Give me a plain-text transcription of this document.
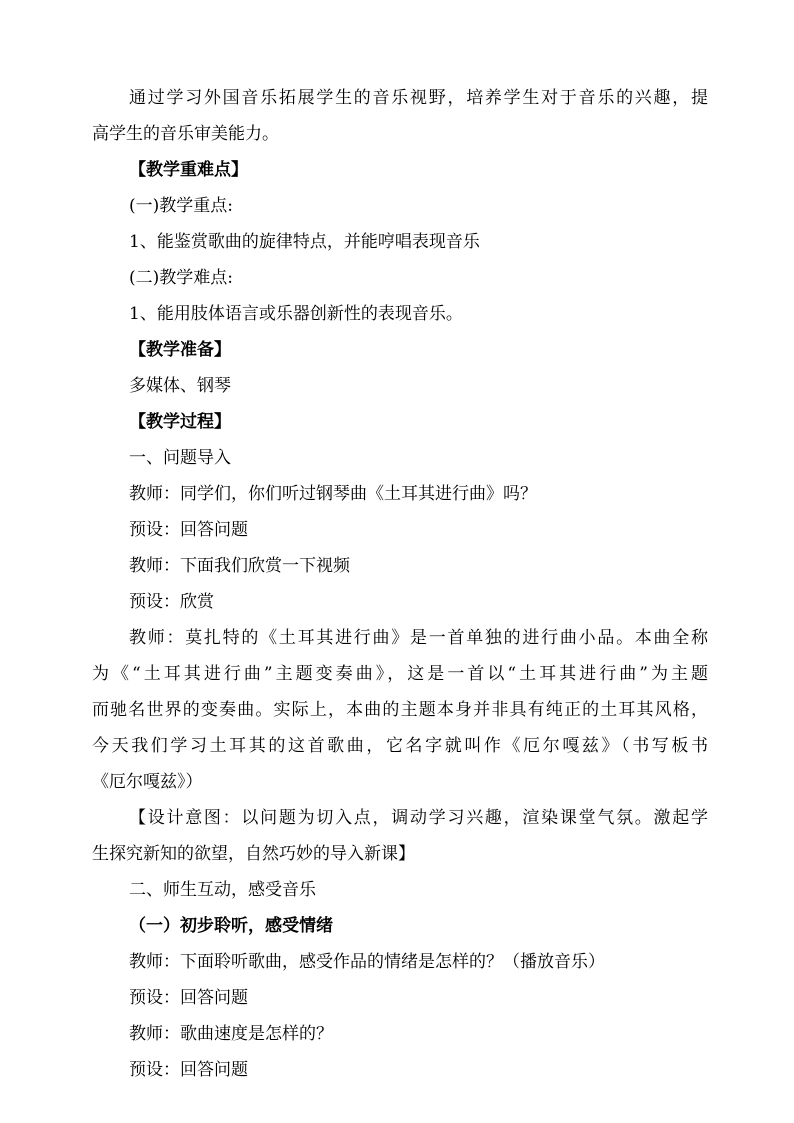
通过学习外国音乐拓展学生的音乐视野，培养学生对于音乐的兴趣，提

高学生的音乐审美能力。

【教学重难点】

(一)教学重点:

1、能鉴赏歌曲的旋律特点，并能哼唱表现音乐

(二)教学难点:

1、能用肢体语言或乐器创新性的表现音乐。

【教学准备】

多媒体、钢琴

【教学过程】

一、问题导入

教师：同学们，你们听过钢琴曲《土耳其进行曲》吗？

预设：回答问题

教师：下面我们欣赏一下视频

预设：欣赏

教师：莫扎特的《土耳其进行曲》是一首单独的进行曲小品。本曲全称

为《“土耳其进行曲”主题变奏曲》，这是一首以“土耳其进行曲”为主题

而驰名世界的变奏曲。实际上，本曲的主题本身并非具有纯正的土耳其风格，

今天我们学习土耳其的这首歌曲，它名字就叫作《厄尔嘎兹》（书写板书

《厄尔嘎兹》）

【设计意图：以问题为切入点，调动学习兴趣，渲染课堂气氛。激起学

生探究新知的欲望，自然巧妙的导入新课】

二、师生互动，感受音乐

（一）初步聆听，感受情绪

教师：下面聆听歌曲，感受作品的情绪是怎样的？（播放音乐）

预设：回答问题

教师：歌曲速度是怎样的？

预设：回答问题
